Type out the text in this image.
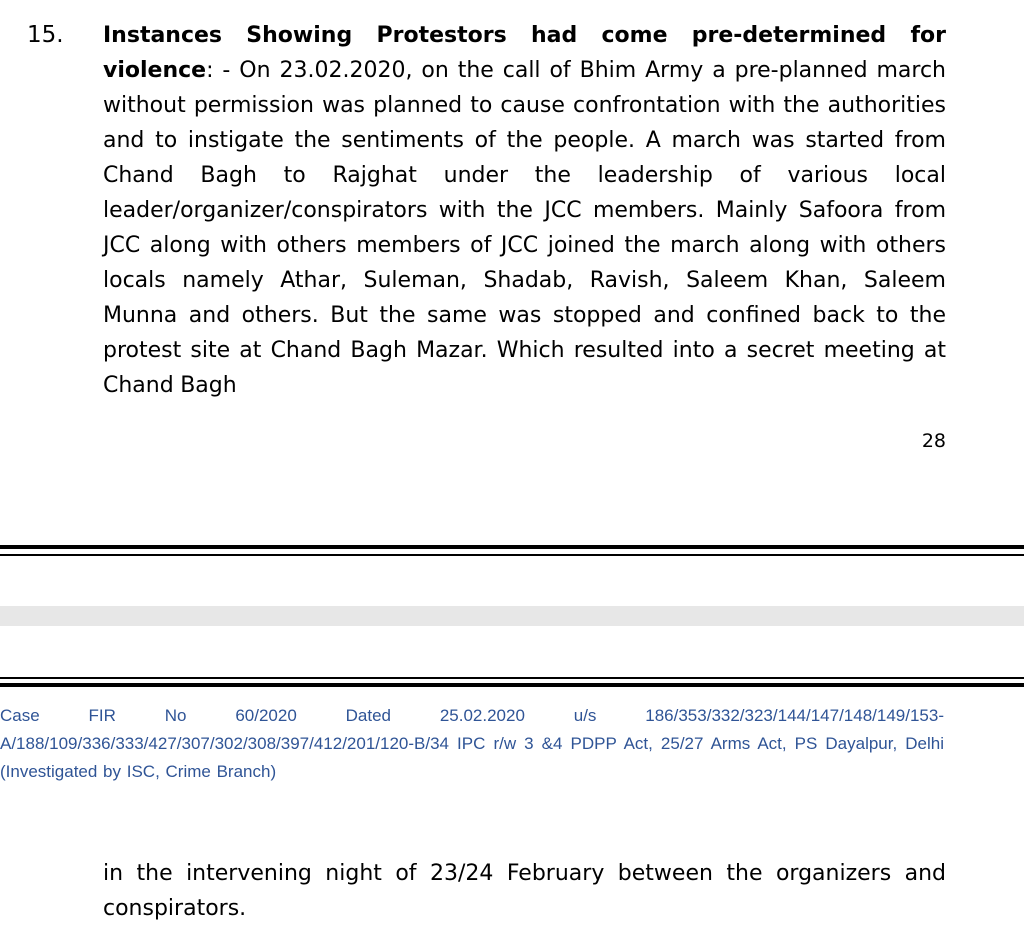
15. Instances Showing Protestors had come pre-determined for violence: - On 23.02.2020, on the call of Bhim Army a pre-planned march without permission was planned to cause confrontation with the authorities and to instigate the sentiments of the people. A march was started from Chand Bagh to Rajghat under the leadership of various local leader/organizer/conspirators with the JCC members. Mainly Safoora from JCC along with others members of JCC joined the march along with others locals namely Athar, Suleman, Shadab, Ravish, Saleem Khan, Saleem Munna and others. But the same was stopped and confined back to the protest site at Chand Bagh Mazar. Which resulted into a secret meeting at Chand Bagh
28
Case FIR No 60/2020 Dated 25.02.2020 u/s 186/353/332/323/144/147/148/149/153-A/188/109/336/333/427/307/302/308/397/412/201/120-B/34 IPC r/w 3 &4 PDPP Act, 25/27 Arms Act, PS Dayalpur, Delhi (Investigated by ISC, Crime Branch)
in the intervening night of 23/24 February between the organizers and conspirators.
